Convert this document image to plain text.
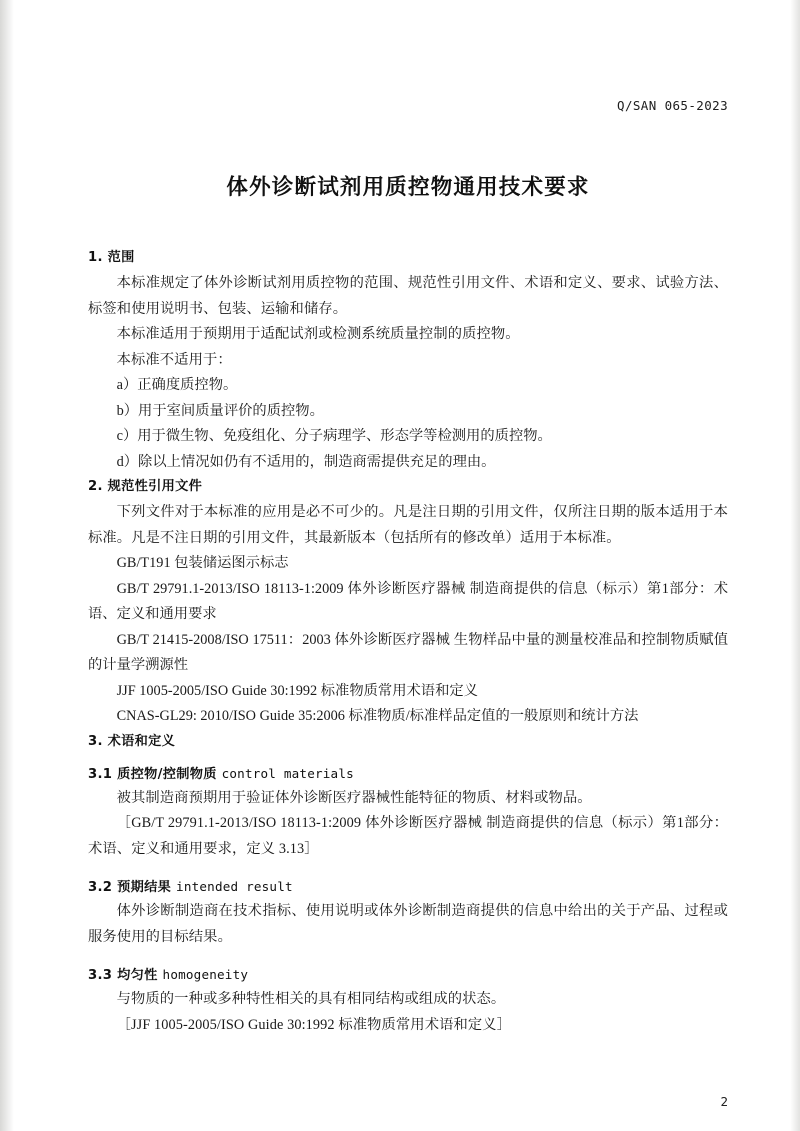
Q/SAN 065-2023
体外诊断试剂用质控物通用技术要求
1. 范围

本标准规定了体外诊断试剂用质控物的范围、规范性引用文件、术语和定义、要求、试验方法、标签和使用说明书、包装、运输和储存。

本标准适用于预期用于适配试剂或检测系统质量控制的质控物。

本标准不适用于：

a）正确度质控物。

b）用于室间质量评价的质控物。

c）用于微生物、免疫组化、分子病理学、形态学等检测用的质控物。

d）除以上情况如仍有不适用的，制造商需提供充足的理由。

2. 规范性引用文件

下列文件对于本标准的应用是必不可少的。凡是注日期的引用文件，仅所注日期的版本适用于本标准。凡是不注日期的引用文件，其最新版本（包括所有的修改单）适用于本标准。

GB/T191 包装储运图示标志

GB/T 29791.1-2013/ISO 18113-1:2009 体外诊断医疗器械 制造商提供的信息（标示）第1部分：术语、定义和通用要求

GB/T 21415-2008/ISO 17511：2003 体外诊断医疗器械 生物样品中量的测量校准品和控制物质赋值的计量学溯源性

JJF 1005-2005/ISO Guide 30:1992 标准物质常用术语和定义

CNAS-GL29: 2010/ISO Guide 35:2006 标准物质/标准样品定值的一般原则和统计方法

3. 术语和定义
3.1 质控物/控制物质 control materials

被其制造商预期用于验证体外诊断医疗器械性能特征的物质、材料或物品。

［GB/T 29791.1-2013/ISO 18113-1:2009 体外诊断医疗器械 制造商提供的信息（标示）第1部分：术语、定义和通用要求，定义 3.13］

3.2 预期结果 intended result

体外诊断制造商在技术指标、使用说明或体外诊断制造商提供的信息中给出的关于产品、过程或服务使用的目标结果。

3.3 均匀性 homogeneity

与物质的一种或多种特性相关的具有相同结构或组成的状态。

［JJF 1005-2005/ISO Guide 30:1992 标准物质常用术语和定义］

2
